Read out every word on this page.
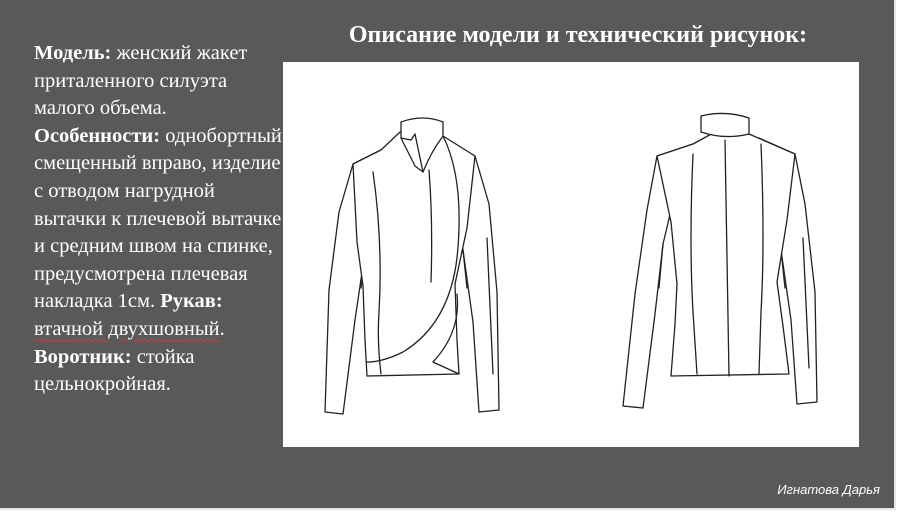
Модель: женский жакет приталенного силуэта малого объема. Особенности: однобортный смещенный вправо, изделие с отводом нагрудной вытачки к плечевой вытачке и средним швом на спинке, предусмотрена плечевая накладка 1см. Рукав: втачной двухшовный. Воротник: стойка цельнокройная.
Описание модели и технический рисунок:
Игнатова Дарья
